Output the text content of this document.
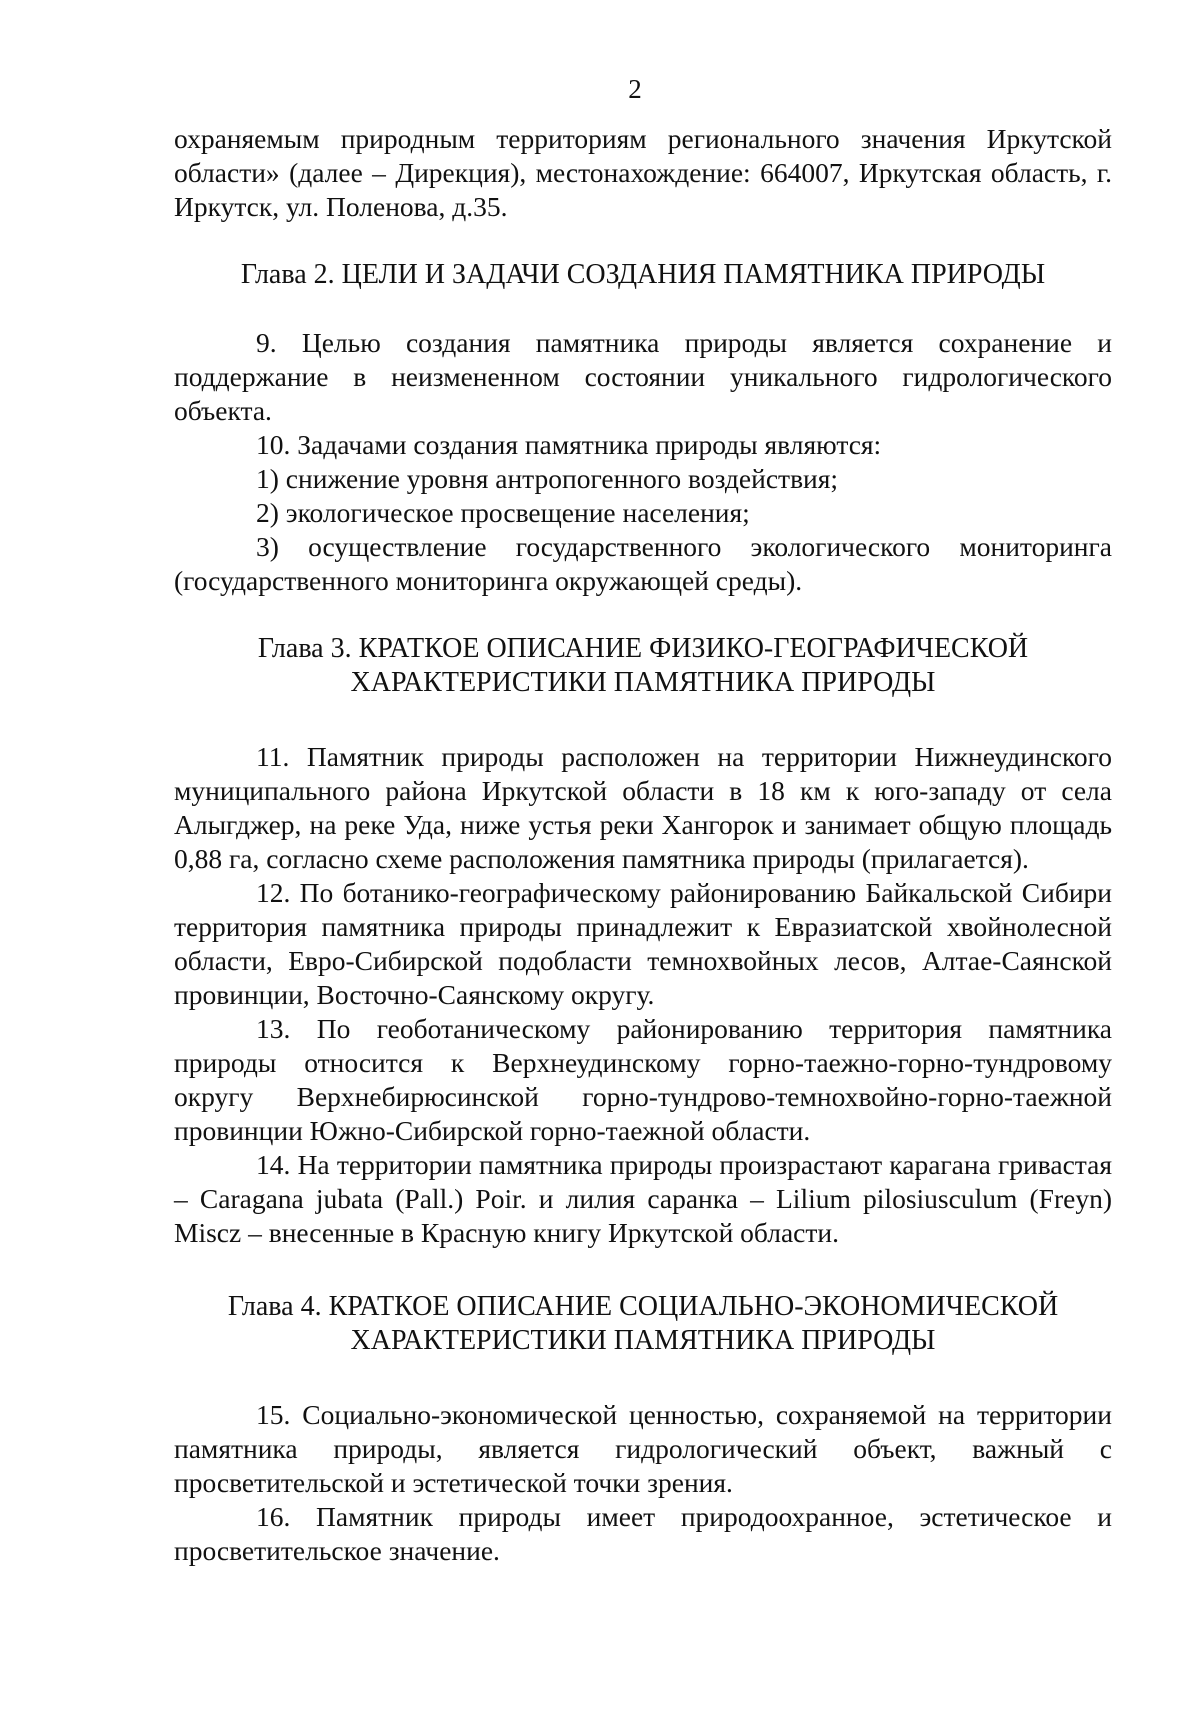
2

охраняемым природным территориям регионального значения Иркутской области» (далее – Дирекция), местонахождение: 664007, Иркутская область, г. Иркутск, ул. Поленова, д.35.

Глава 2. ЦЕЛИ И ЗАДАЧИ СОЗДАНИЯ ПАМЯТНИКА ПРИРОДЫ

9. Целью создания памятника природы является сохранение и поддержание в неизмененном состоянии уникального гидрологического объекта.

10. Задачами создания памятника природы являются:

1) снижение уровня антропогенного воздействия;

2) экологическое просвещение населения;

3) осуществление государственного экологического мониторинга (государственного мониторинга окружающей среды).

Глава 3. КРАТКОЕ ОПИСАНИЕ ФИЗИКО-ГЕОГРАФИЧЕСКОЙ
ХАРАКТЕРИСТИКИ ПАМЯТНИКА ПРИРОДЫ

11. Памятник природы расположен на территории Нижнеудинского муниципального района Иркутской области в 18 км к юго-западу от села Алыгджер, на реке Уда, ниже устья реки Хангорок и занимает общую площадь 0,88 га, согласно схеме расположения памятника природы (прилагается).

12. По ботанико-географическому районированию Байкальской Сибири территория памятника природы принадлежит к Евразиатской хвойнолесной области, Евро-Сибирской подобласти темнохвойных лесов, Алтае-Саянской провинции, Восточно-Саянскому округу.

13. По геоботаническому районированию территория памятника природы относится к Верхнеудинскому горно-таежно-горно-тундровому округу Верхнебирюсинской горно-тундрово-темнохвойно-горно-таежной провинции Южно-Сибирской горно-таежной области.

14. На территории памятника природы произрастают карагана гривастая – Caragana jubata (Pall.) Poir. и лилия саранка – Lilium pilosiusculum (Freyn) Miscz – внесенные в Красную книгу Иркутской области.

Глава 4. КРАТКОЕ ОПИСАНИЕ СОЦИАЛЬНО-ЭКОНОМИЧЕСКОЙ
ХАРАКТЕРИСТИКИ ПАМЯТНИКА ПРИРОДЫ

15. Социально-экономической ценностью, сохраняемой на территории памятника природы, является гидрологический объект, важный с просветительской и эстетической точки зрения.

16. Памятник природы имеет природоохранное, эстетическое и просветительское значение.
